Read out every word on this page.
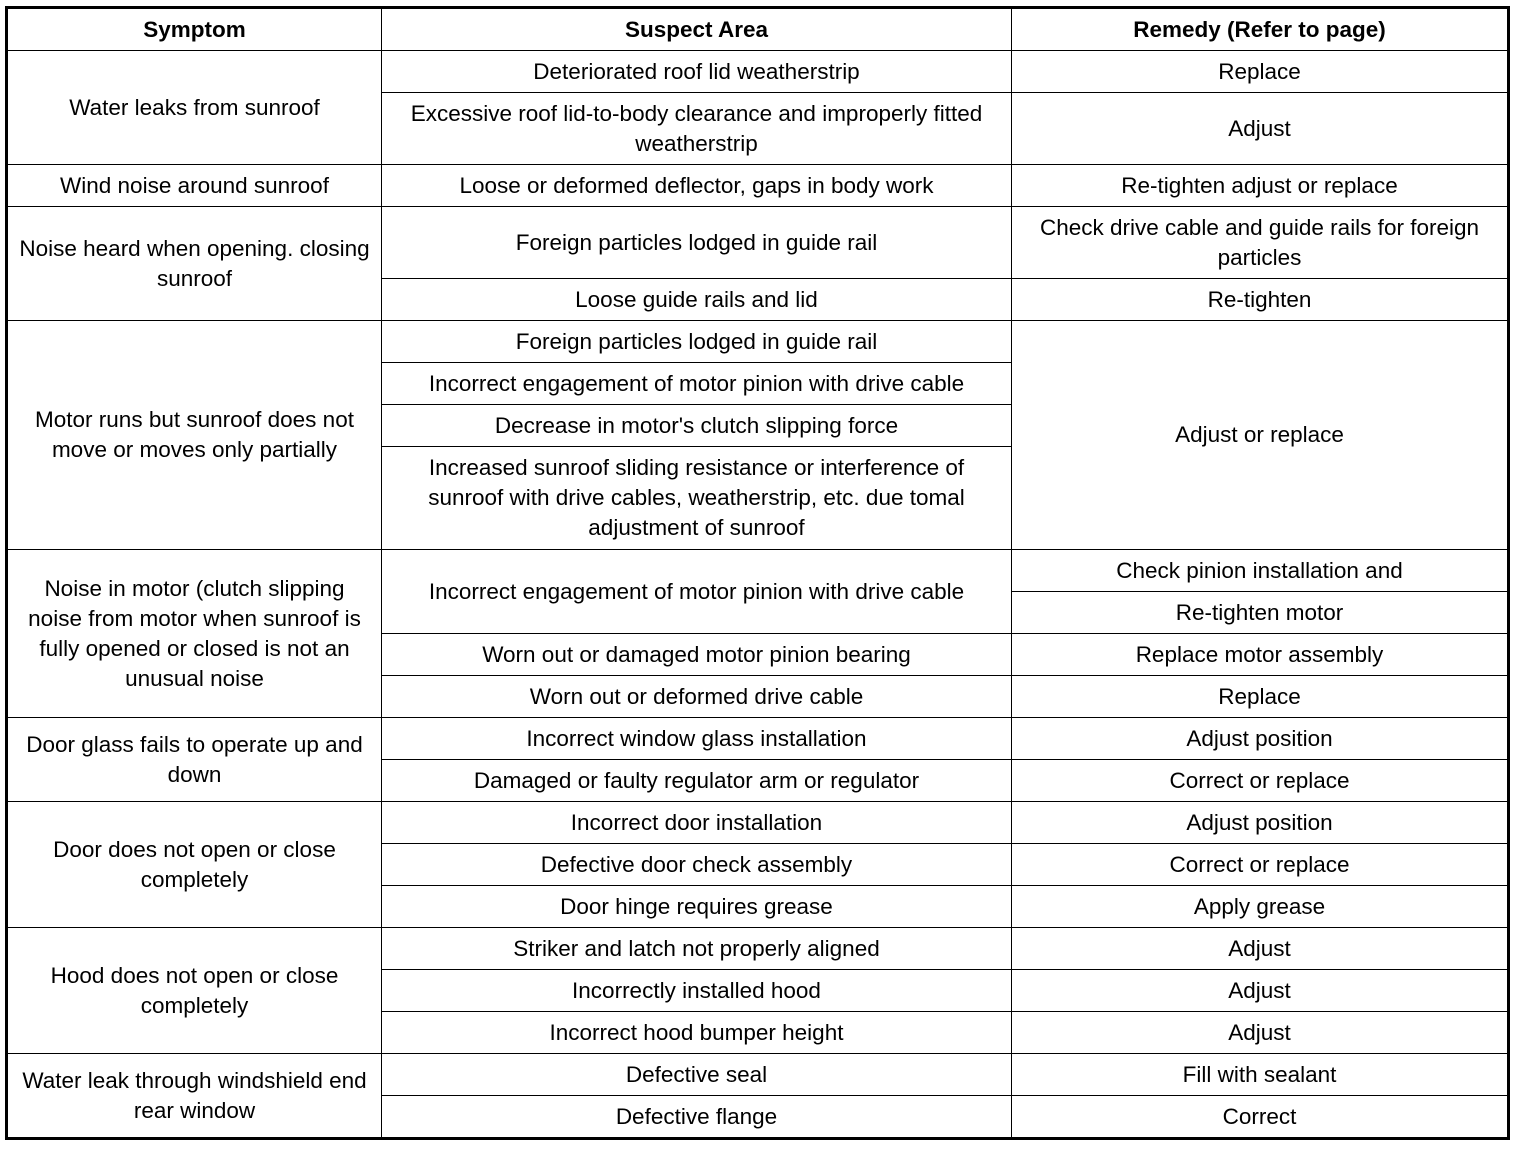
Symptom	Suspect Area	Remedy (Refer to page)
Water leaks from sunroof	Deteriorated roof lid weatherstrip	Replace
	Excessive roof lid-to-body clearance and improperly fitted weatherstrip	Adjust
Wind noise around sunroof	Loose or deformed deflector, gaps in body work	Re-tighten adjust or replace
Noise heard when opening. closing sunroof	Foreign particles lodged in guide rail	Check drive cable and guide rails for foreign particles
	Loose guide rails and lid	Re-tighten
Motor runs but sunroof does not move or moves only partially	Foreign particles lodged in guide rail	Adjust or replace
	Incorrect engagement of motor pinion with drive cable	
	Decrease in motor's clutch slipping force	
	Increased sunroof sliding resistance or interference of sunroof with drive cables, weatherstrip, etc. due tomal adjustment of sunroof	
Noise in motor (clutch slipping noise from motor when sunroof is fully opened or closed is not an unusual noise	Incorrect engagement of motor pinion with drive cable	Check pinion installation and
		Re-tighten motor
	Worn out or damaged motor pinion bearing	Replace motor assembly
	Worn out or deformed drive cable	Replace
Door glass fails to operate up and down	Incorrect window glass installation	Adjust position
	Damaged or faulty regulator arm or regulator	Correct or replace
Door does not open or close completely	Incorrect door installation	Adjust position
	Defective door check assembly	Correct or replace
	Door hinge requires grease	Apply grease
Hood does not open or close completely	Striker and latch not properly aligned	Adjust
	Incorrectly installed hood	Adjust
	Incorrect hood bumper height	Adjust
Water leak through windshield end rear window	Defective seal	Fill with sealant
	Defective flange	Correct
